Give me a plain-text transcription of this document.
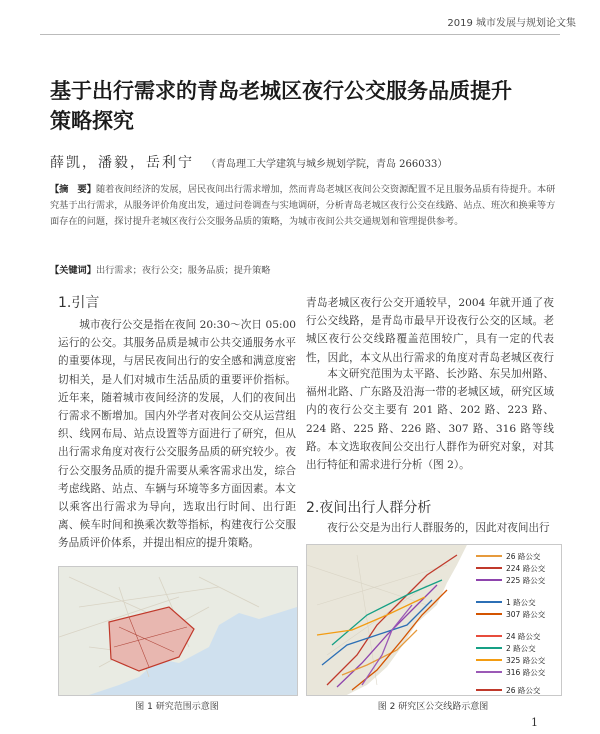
2019 城市发展与规划论文集
基于出行需求的青岛老城区夜行公交服务品质提升
策略探究
薛凯，潘毅，岳利宁 （青岛理工大学建筑与城乡规划学院，青岛 266033）
【摘　要】随着夜间经济的发展，居民夜间出行需求增加，然而青岛老城区夜间公交资源配置不足且服务品质有待提升。本研究基于出行需求，从服务评价角度出发，通过问卷调查与实地调研，分析青岛老城区夜行公交在线路、站点、班次和换乘等方面存在的问题，探讨提升老城区夜行公交服务品质的策略，为城市夜间公共交通规划和管理提供参考。
【关键词】出行需求；夜行公交；服务品质；提升策略
1.引言

城市夜行公交是指在夜间 20:30～次日 05:00 运行的公交。其服务品质是城市公共交通服务水平的重要体现，与居民夜间出行的安全感和满意度密切相关，是人们对城市生活品质的重要评价指标。近年来，随着城市夜间经济的发展，人们的夜间出行需求不断增加。国内外学者对夜间公交从运营组织、线网布局、站点设置等方面进行了研究，但从出行需求角度对夜行公交服务品质的研究较少。夜行公交服务品质的提升需要从乘客需求出发，综合考虑线路、站点、车辆与环境等多方面因素。本文以乘客出行需求为导向，选取出行时间、出行距离、候车时间和换乘次数等指标，构建夜行公交服务品质评价体系，并提出相应的提升策略。

青岛老城区夜行公交开通较早，2004 年就开通了夜行公交线路，是青岛市最早开设夜行公交的区域。老城区夜行公交线路覆盖范围较广，具有一定的代表性，因此，本文从出行需求的角度对青岛老城区夜行

本文研究范围为太平路、长沙路、东吴加州路、福州北路、广东路及沿海一带的老城区域，研究区域内的夜行公交主要有 201 路、202 路、223 路、224 路、225 路、226 路、307 路、316 路等线路。本文选取夜间公交出行人群作为研究对象，对其出行特征和需求进行分析（图 2）。

2.夜间出行人群分析

夜行公交是为出行人群服务的，因此对夜间出行

图 1 研究范围示意图
26 路公交
224 路公交
225 路公交
1 路公交
307 路公交
24 路公交
2 路公交
325 路公交
316 路公交
26 路公交
图 2 研究区公交线路示意图
1
